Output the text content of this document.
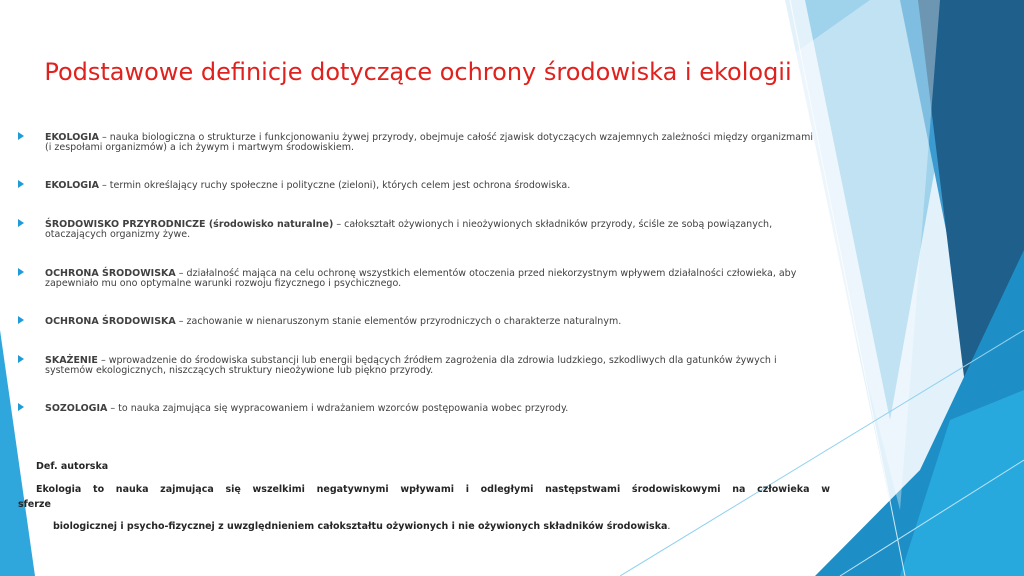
Podstawowe definicje dotyczące ochrony środowiska i ekologii
EKOLOGIA – nauka biologiczna o strukturze i funkcjonowaniu żywej przyrody, obejmuje całość zjawisk dotyczących wzajemnych zależności między organizmami (i zespołami organizmów) a ich żywym i martwym środowiskiem.
EKOLOGIA – termin określający ruchy społeczne i polityczne (zieloni), których celem jest ochrona środowiska.
ŚRODOWISKO PRZYRODNICZE (środowisko naturalne) – całokształt ożywionych i nieożywionych składników przyrody, ściśle ze sobą powiązanych, otaczających organizmy żywe.
OCHRONA ŚRODOWISKA – działalność mająca na celu ochronę wszystkich elementów otoczenia przed niekorzystnym wpływem działalności człowieka, aby zapewniało mu ono optymalne warunki rozwoju fizycznego i psychicznego.
OCHRONA ŚRODOWISKA – zachowanie w nienaruszonym stanie elementów przyrodniczych o charakterze naturalnym.
SKAŻENIE – wprowadzenie do środowiska substancji lub energii będących źródłem zagrożenia dla zdrowia ludzkiego, szkodliwych dla gatunków żywych i systemów ekologicznych, niszczących struktury nieożywione lub piękno przyrody.
SOZOLOGIA – to nauka zajmująca się wypracowaniem i wdrażaniem wzorców postępowania wobec przyrody.
Def. autorska
Ekologia to nauka zajmująca się wszelkimi negatywnymi wpływami i odległymi następstwami środowiskowymi na człowieka w
sferze
biologicznej i psycho-fizycznej z uwzględnieniem całokształtu ożywionych i nie ożywionych składników środowiska.
